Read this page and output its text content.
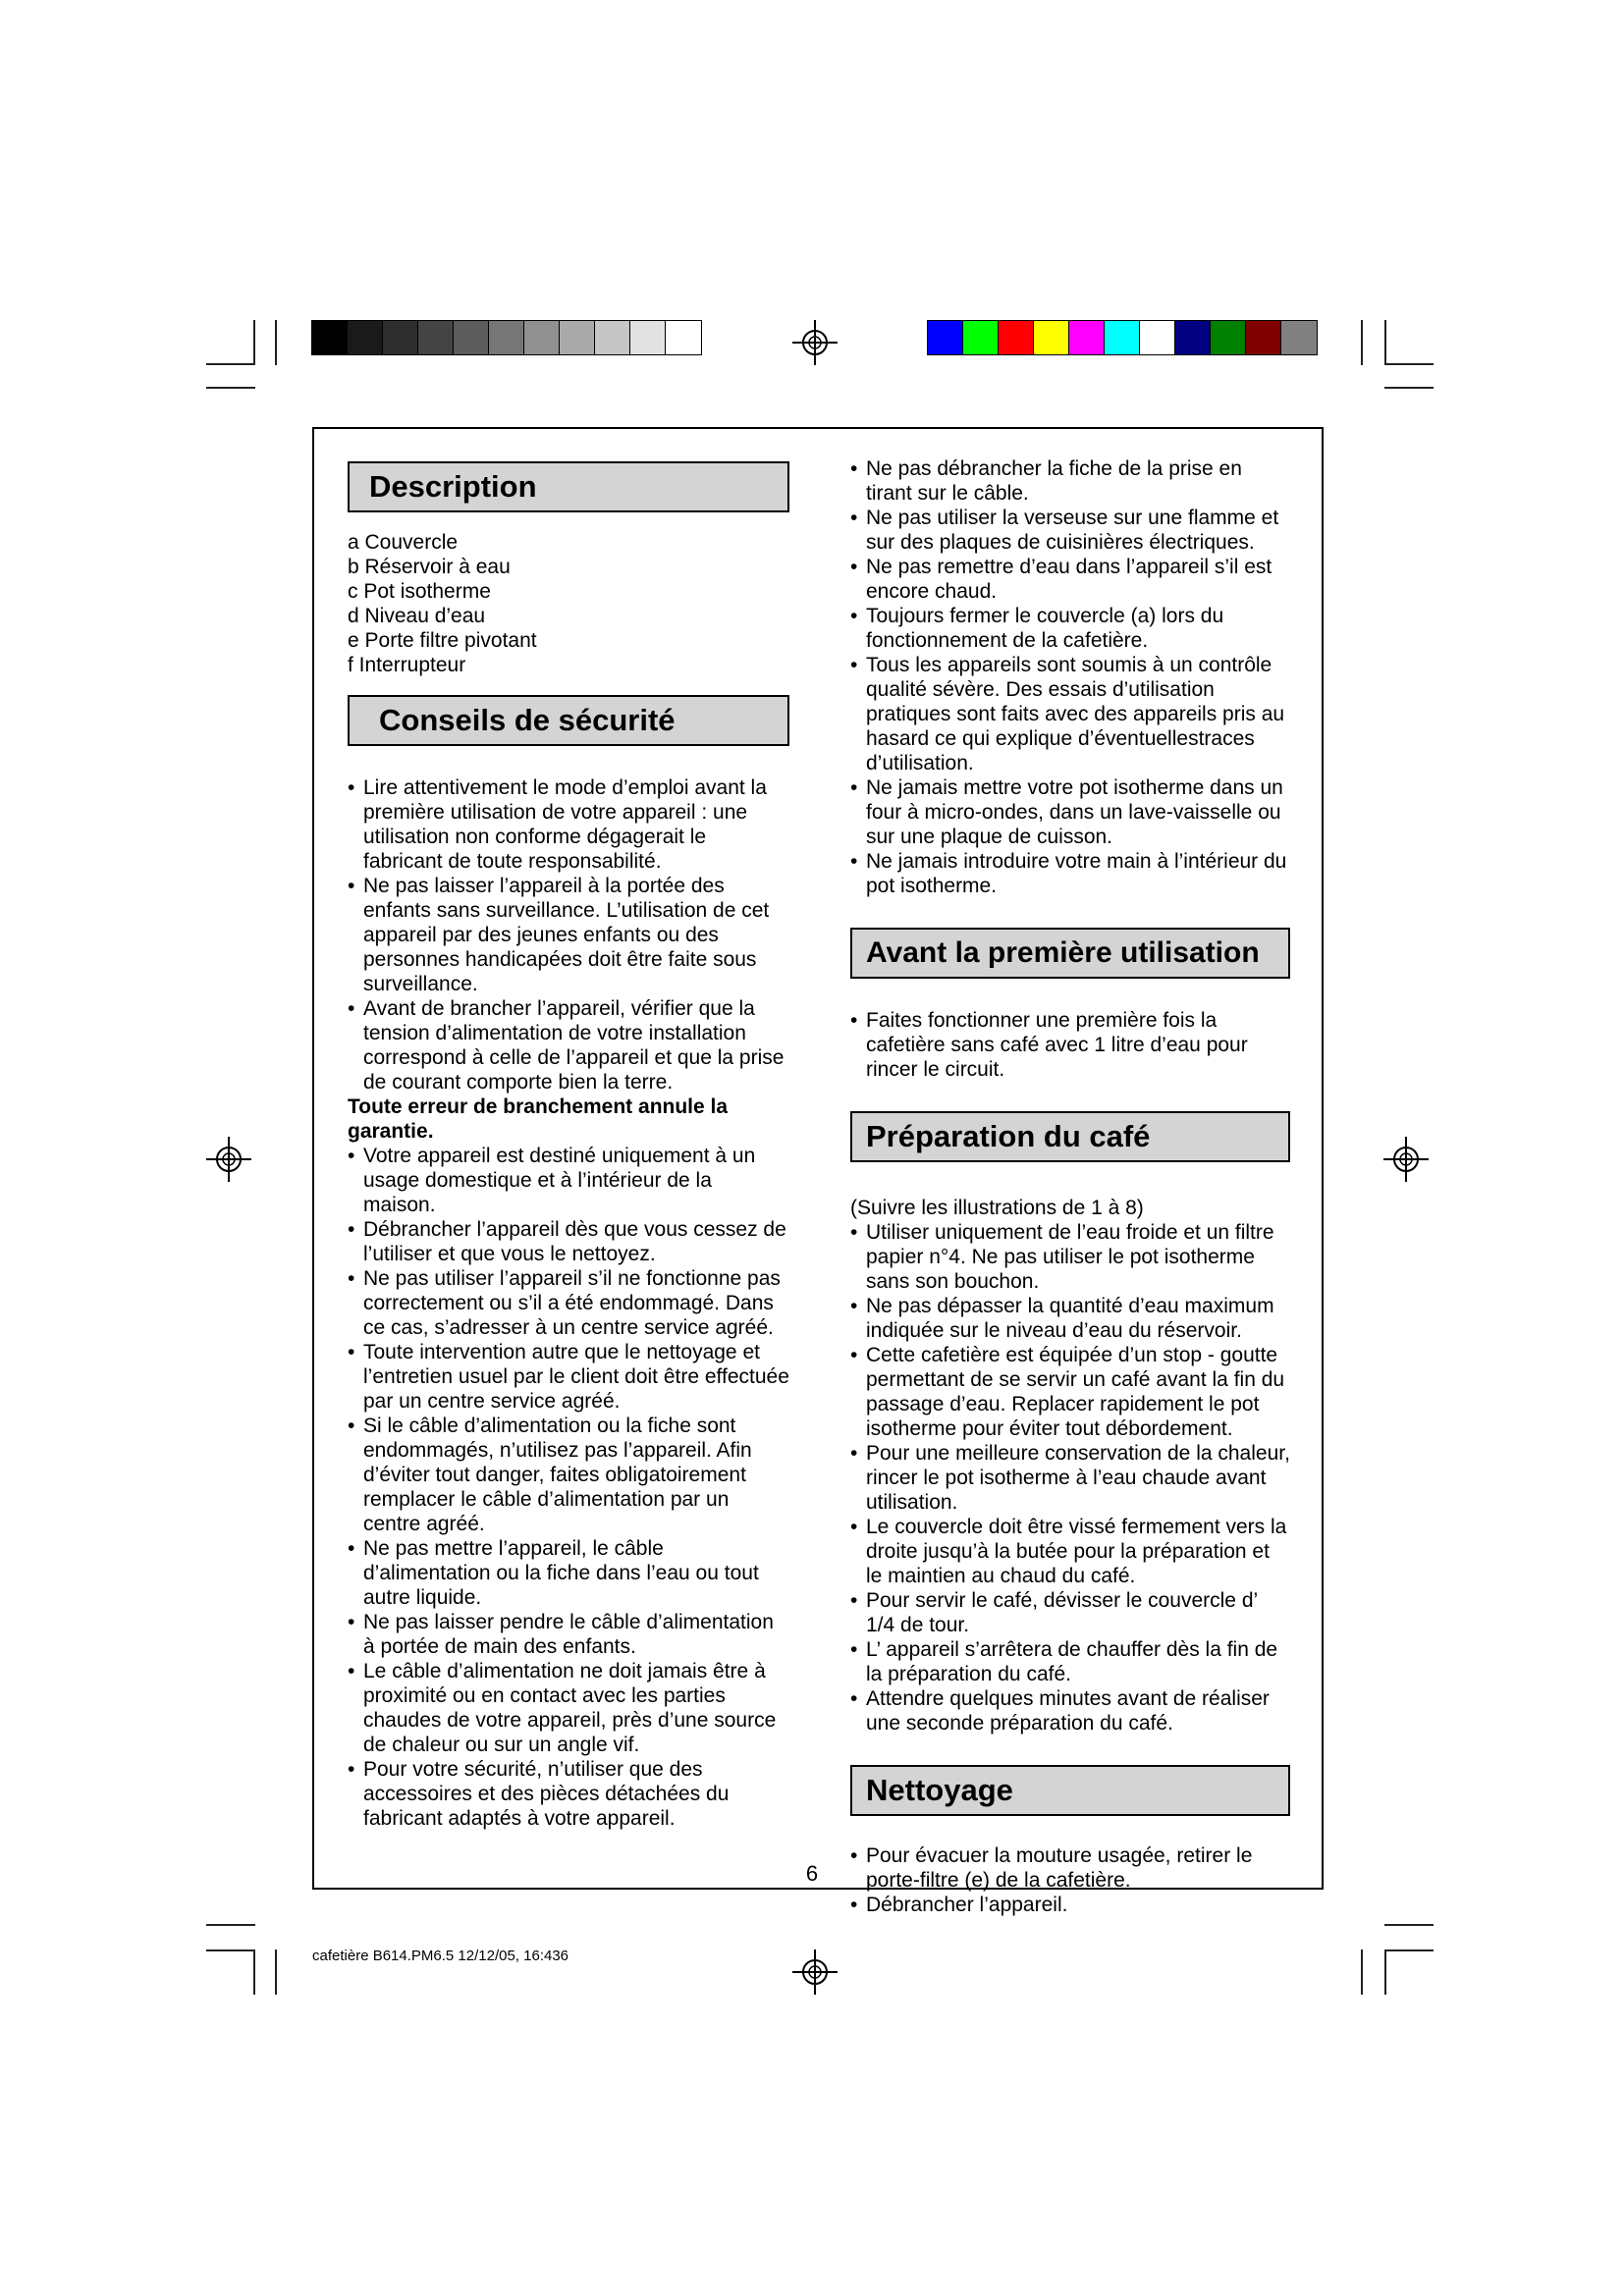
Description

a Couvercle

b Réservoir à eau

c Pot isotherme

d Niveau d’eau

e Porte filtre pivotant

f Interrupteur

Conseils de sécurité
• Lire attentivement le mode d’emploi avant la première utilisation de votre appareil : une utilisation non conforme dégagerait le fabricant de toute responsabilité.
• Ne pas laisser l’appareil à la portée des enfants sans surveillance. L’utilisation de cet appareil par des jeunes enfants ou des personnes handicapées doit être faite sous surveillance.
• Avant de brancher l’appareil, vérifier que la tension d’alimentation de votre installation correspond à celle de l’appareil et que la prise de courant comporte bien la terre.

Toute erreur de branchement annule la garantie.

• Votre appareil est destiné uniquement à un usage domestique et à l’intérieur de la maison.
• Débrancher l’appareil dès que vous cessez de l’utiliser et que vous le nettoyez.
• Ne pas utiliser l’appareil s’il ne fonctionne pas correctement ou s’il a été endommagé. Dans ce cas, s’adresser à un centre service agréé.
• Toute intervention autre que le nettoyage et l’entretien usuel par le client doit être effectuée par un centre service agréé.
• Si le câble d’alimentation ou la fiche sont endommagés, n’utilisez pas l’appareil. Afin d’éviter tout danger, faites obligatoirement remplacer le câble d’alimentation par un centre agréé.
• Ne pas mettre l’appareil, le câble d’alimentation ou la fiche dans l’eau ou tout autre liquide.
• Ne pas laisser pendre le câble d’alimentation à portée de main des enfants.
• Le câble d’alimentation ne doit jamais être à proximité ou en contact avec les parties chaudes de votre appareil, près d’une source de chaleur ou sur un angle vif.
• Pour votre sécurité, n’utiliser que des accessoires et des pièces détachées du fabricant adaptés à votre appareil.
• Ne pas débrancher la fiche de la prise en tirant sur le câble.
• Ne pas utiliser la verseuse sur une flamme et sur des plaques de cuisinières électriques.
• Ne pas remettre d’eau dans l’appareil s’il est encore chaud.
• Toujours fermer le couvercle (a) lors du fonctionnement de la cafetière.
• Tous les appareils sont soumis à un contrôle qualité sévère. Des essais d’utilisation pratiques sont faits avec des appareils pris au hasard ce qui explique d’éventuellestraces d’utilisation.
• Ne jamais mettre votre pot isotherme dans un four à micro-ondes, dans un lave-vaisselle ou sur une plaque de cuisson.
• Ne jamais introduire votre main à l’intérieur du pot isotherme.
Avant la première utilisation
• Faites fonctionner une première fois la cafetière sans café avec 1 litre d’eau pour rincer le circuit.
Préparation du café

(Suivre les illustrations de 1 à 8)

• Utiliser uniquement de l’eau froide et un filtre papier n°4. Ne pas utiliser le pot isotherme sans son bouchon.
• Ne pas dépasser la quantité d’eau maximum indiquée sur le niveau d’eau du réservoir.
• Cette cafetière est équipée d’un stop - goutte permettant de se servir un café avant la fin du passage d’eau. Replacer rapidement le pot isotherme pour éviter tout débordement.
• Pour une meilleure conservation de la chaleur, rincer le pot isotherme à l’eau chaude avant utilisation.
• Le couvercle doit être vissé fermement vers la droite jusqu’à la butée pour la préparation et le maintien au chaud du café.
• Pour servir le café, dévisser le couvercle d’ 1/4 de tour.
• L’ appareil s’arrêtera de chauffer dès la fin de la préparation du café.
• Attendre quelques minutes avant de réaliser une seconde préparation du café.
Nettoyage
• Pour évacuer la mouture usagée, retirer le porte-filtre (e) de la cafetière.
• Débrancher l’appareil.
6
cafetière B614.PM6.5 12/12/05, 16:436
